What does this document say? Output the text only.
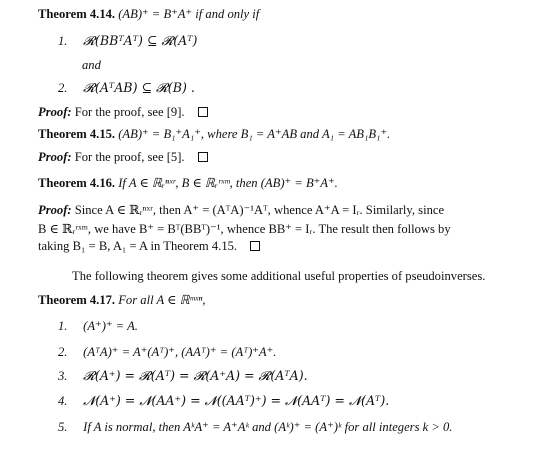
Theorem 4.14. (AB)⁺ = B⁺A⁺ if and only if
1. 𝓡(BBᵀAᵀ) ⊆ 𝓡(Aᵀ)
and
2. 𝓡(AᵀAB) ⊆ 𝓡(B) .
Proof: For the proof, see [9].
Theorem 4.15. (AB)⁺ = B₁⁺A₁⁺, where B₁ = A⁺AB and A₁ = AB₁B₁⁺.
Proof: For the proof, see [5].
Theorem 4.16. If A ∈ ℝᵣⁿˣʳ, B ∈ ℝᵣʳˣᵐ, then (AB)⁺ = B⁺A⁺.
Proof: Since A ∈ ℝᵣⁿˣʳ, then A⁺ = (AᵀA)⁻¹Aᵀ, whence A⁺A = Iᵣ. Similarly, since
B ∈ ℝᵣʳˣᵐ, we have B⁺ = Bᵀ(BBᵀ)⁻¹, whence BB⁺ = Iᵣ. The result then follows by
taking B₁ = B, A₁ = A in Theorem 4.15.
The following theorem gives some additional useful properties of pseudoinverses.
Theorem 4.17. For all A ∈ ℝᵐˣⁿ,
1. (A⁺)⁺ = A.
2. (AᵀA)⁺ = A⁺(Aᵀ)⁺, (AAᵀ)⁺ = (Aᵀ)⁺A⁺.
3. 𝓡(A⁺) = 𝓡(Aᵀ) = 𝓡(A⁺A) = 𝓡(AᵀA).
4. 𝓝(A⁺) = 𝓝(AA⁺) = 𝓝((AAᵀ)⁺) = 𝓝(AAᵀ) = 𝓝(Aᵀ).
5. If A is normal, then AᵏA⁺ = A⁺Aᵏ and (Aᵏ)⁺ = (A⁺)ᵏ for all integers k > 0.
